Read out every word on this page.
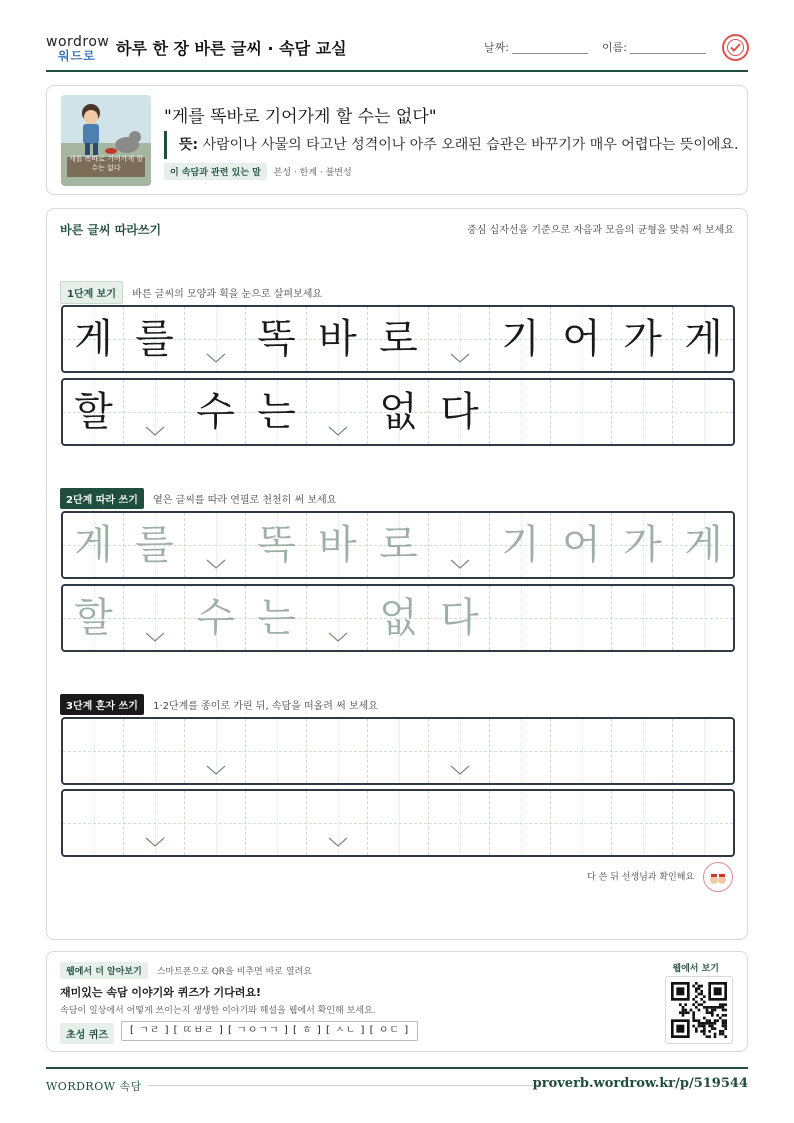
wordrow
워드로 하루 한 장 바른 글씨 · 속담 교실	날짜:	이름:
게를 똑바로 기어가게 할 수는 없다
"게를 똑바로 기어가게 할 수는 없다"
뜻: 사람이나 사물의 타고난 성격이나 아주 오래된 습관은 바꾸기가 매우 어렵다는 뜻이에요.
이 속담과 관련 있는 말 본성 · 한계 · 불변성
바른 글씨 따라쓰기	중심 십자선을 기준으로 자음과 모음의 균형을 맞춰 써 보세요
1단계 보기 바른 글씨의 모양과 획을 눈으로 살펴보세요
게 를 똑 바 로 기 어 가 게
할 수 는 없 다
2단계 따라 쓰기 옅은 글씨를 따라 연필로 천천히 써 보세요
게 를 똑 바 로 기 어 가 게
할 수 는 없 다
3단계 혼자 쓰기 1·2단계를 종이로 가린 뒤, 속담을 떠올려 써 보세요
다 쓴 뒤 선생님과 확인해요
웹에서 더 알아보기 스마트폰으로 QR을 비추면 바로 열려요
재미있는 속담 이야기와 퀴즈가 기다려요!
속담이 일상에서 어떻게 쓰이는지 생생한 이야기와 해설을 웹에서 확인해 보세요.
초성 퀴즈	[ ㄱㄹ ] [ ㄸㅂㄹ ] [ ㄱㅇㄱㄱ ] [ ㅎ ] [ ㅅㄴ ] [ ㅇㄷ ]
웹에서 보기
WORDROW 속담	proverb.wordrow.kr/p/519544
